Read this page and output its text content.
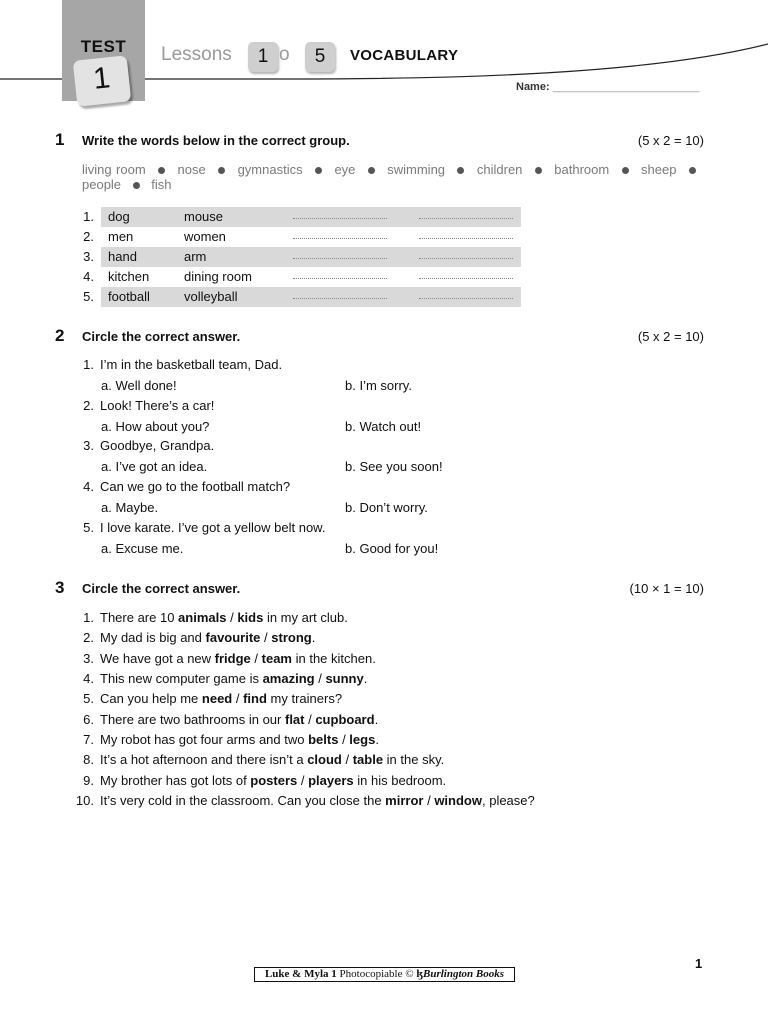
TEST
1
Lessons	1 o	5	VOCABULARY
Name: ________________________
1 Write the words below in the correct group.	(5 x 2 = 10)
living room nose gymnastics eye swimming children bathroom sheep  people fish
1. dog	mouse
2. men	women
3. hand	arm
4. kitchen	dining room
5. football	volleyball
2 Circle the correct answer.	(5 x 2 = 10)
1. I’m in the basketball team, Dad.
a. Well done!	b. I’m sorry.
2. Look! There’s a car!
a. How about you?	b. Watch out!
3. Goodbye, Grandpa.
a. I’ve got an idea.	b. See you soon!
4. Can we go to the football match?
a. Maybe.	b. Don’t worry.
5. I love karate. I’ve got a yellow belt now.
a. Excuse me.	b. Good for you!
3 Circle the correct answer.	(10 × 1 = 10)
1. There are 10 animals / kids in my art club.
2. My dad is big and favourite / strong.
3. We have got a new fridge / team in the kitchen.
4. This new computer game is amazing / sunny.
5. Can you help me need / find my trainers?
6. There are two bathrooms in our flat / cupboard.
7. My robot has got four arms and two belts / legs.
8. It’s a hot afternoon and there isn’t a cloud / table in the sky.
9. My brother has got lots of posters / players in his bedroom.
10. It’s very cold in the classroom. Can you close the mirror / window, please?
1
Luke & Myla 1 Photocopiable © ɮBurlington Books
